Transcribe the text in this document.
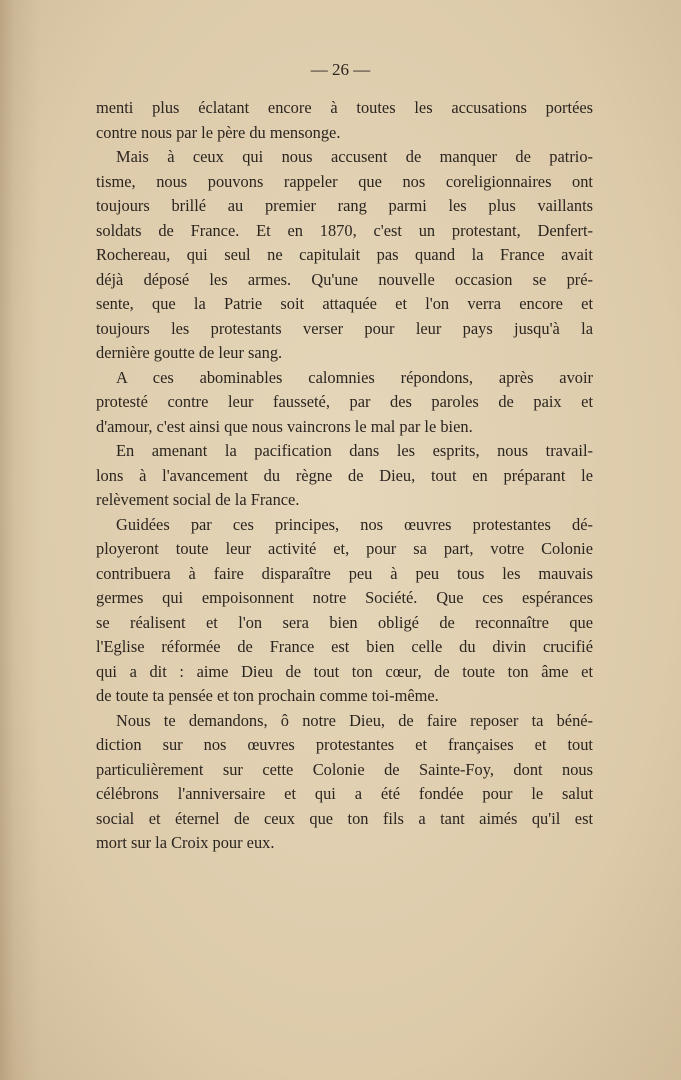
— 26 —
menti plus éclatant encore à toutes les accusations portées
contre nous par le père du mensonge.
Mais à ceux qui nous accusent de manquer de patrio-
tisme, nous pouvons rappeler que nos coreligionnaires ont
toujours brillé au premier rang parmi les plus vaillants
soldats de France. Et en 1870, c'est un protestant, Denfert-
Rochereau, qui seul ne capitulait pas quand la France avait
déjà déposé les armes. Qu'une nouvelle occasion se pré-
sente, que la Patrie soit attaquée et l'on verra encore et
toujours les protestants verser pour leur pays jusqu'à la
dernière goutte de leur sang.
A ces abominables calomnies répondons, après avoir
protesté contre leur fausseté, par des paroles de paix et
d'amour, c'est ainsi que nous vaincrons le mal par le bien.
En amenant la pacification dans les esprits, nous travail-
lons à l'avancement du règne de Dieu, tout en préparant le
relèvement social de la France.
Guidées par ces principes, nos œuvres protestantes dé-
ployeront toute leur activité et, pour sa part, votre Colonie
contribuera à faire disparaître peu à peu tous les mauvais
germes qui empoisonnent notre Société. Que ces espérances
se réalisent et l'on sera bien obligé de reconnaître que
l'Eglise réformée de France est bien celle du divin crucifié
qui a dit : aime Dieu de tout ton cœur, de toute ton âme et
de toute ta pensée et ton prochain comme toi-même.
Nous te demandons, ô notre Dieu, de faire reposer ta béné-
diction sur nos œuvres protestantes et françaises et tout
particulièrement sur cette Colonie de Sainte-Foy, dont nous
célébrons l'anniversaire et qui a été fondée pour le salut
social et éternel de ceux que ton fils a tant aimés qu'il est
mort sur la Croix pour eux.
